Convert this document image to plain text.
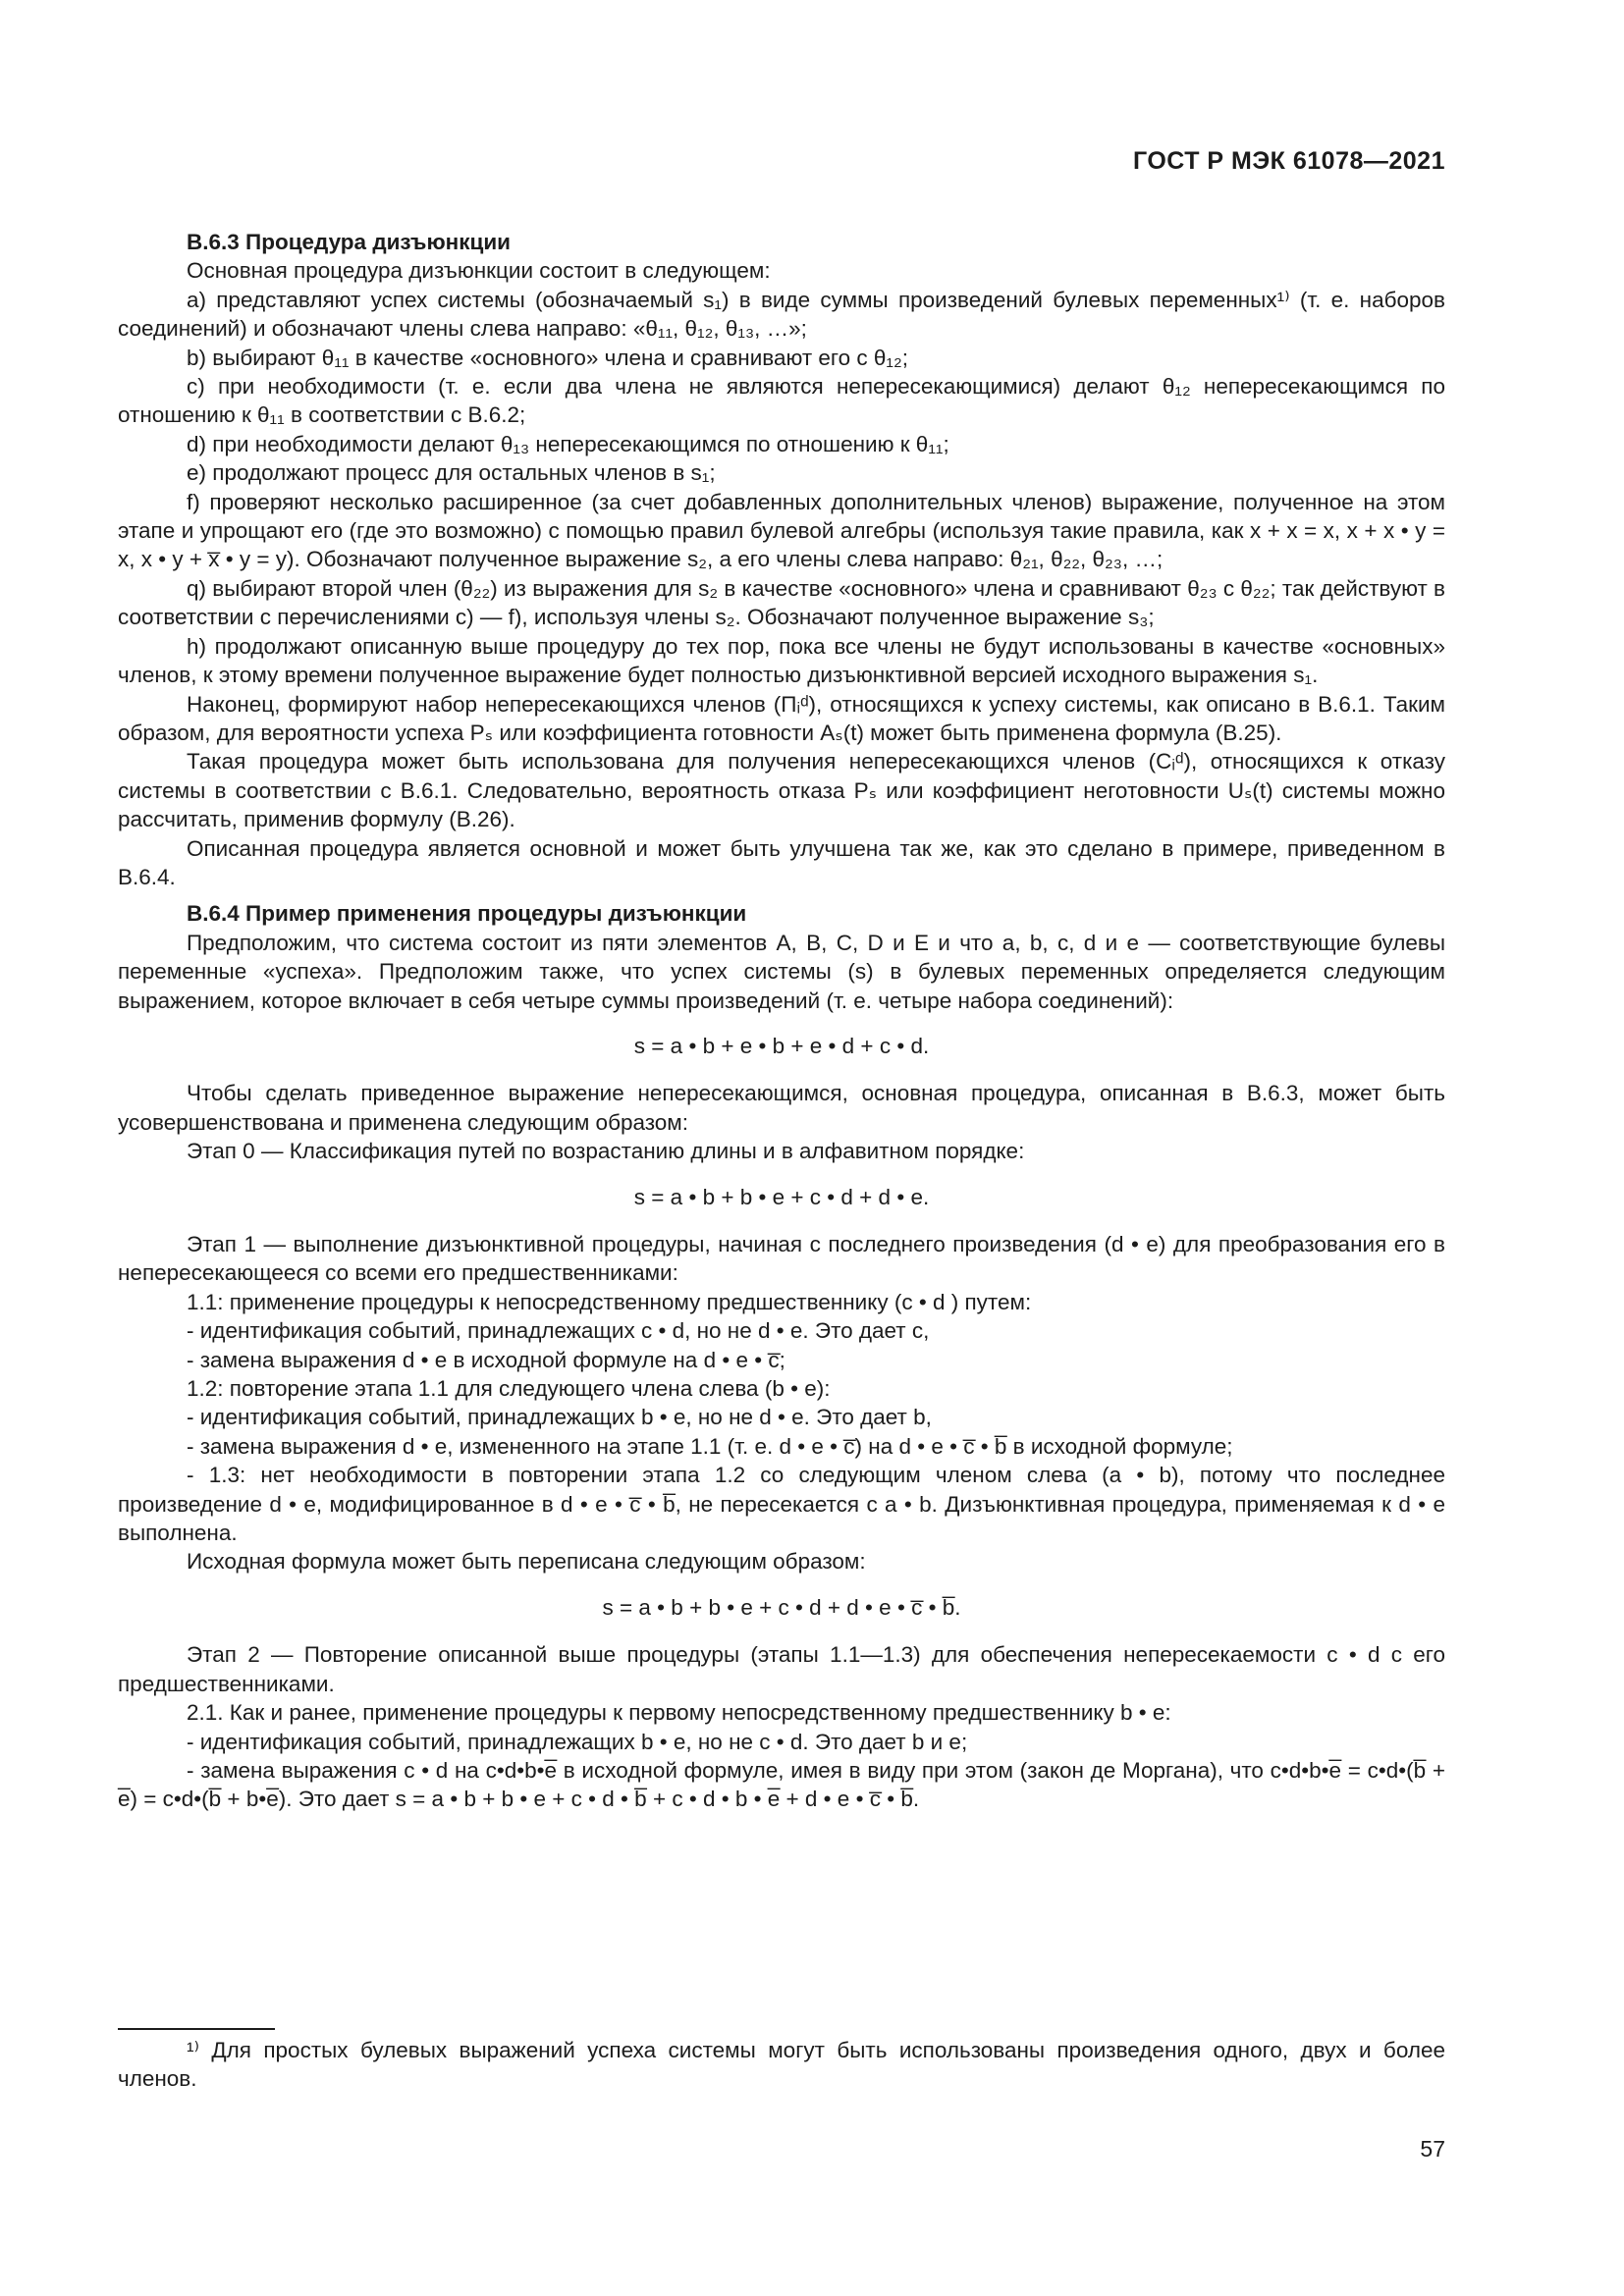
ГОСТ Р МЭК 61078—2021

В.6.3 Процедура дизъюнкции

Основная процедура дизъюнкции состоит в следующем:

а) представляют успех системы (обозначаемый s₁) в виде суммы произведений булевых переменных¹⁾ (т. е. наборов соединений) и обозначают члены слева направо: «θ₁₁, θ₁₂, θ₁₃, …»;

b) выбирают θ₁₁ в качестве «основного» члена и сравнивают его с θ₁₂;

c) при необходимости (т. е. если два члена не являются непересекающимися) делают θ₁₂ непересекающимся по отношению к θ₁₁ в соответствии с В.6.2;

d) при необходимости делают θ₁₃ непересекающимся по отношению к θ₁₁;

e) продолжают процесс для остальных членов в s₁;

f) проверяют несколько расширенное (за счет добавленных дополнительных членов) выражение, полученное на этом этапе и упрощают его (где это возможно) с помощью правил булевой алгебры (используя такие правила, как x + x = x, x + x • y = x, x • y + x̅ • y = y). Обозначают полученное выражение s₂, а его члены слева направо: θ₂₁, θ₂₂, θ₂₃, …;

q) выбирают второй член (θ₂₂) из выражения для s₂ в качестве «основного» члена и сравнивают θ₂₃ с θ₂₂; так действуют в соответствии с перечислениями с) — f), используя члены s₂. Обозначают полученное выражение s₃;

h) продолжают описанную выше процедуру до тех пор, пока все члены не будут использованы в качестве «основных» членов, к этому времени полученное выражение будет полностью дизъюнктивной версией исходного выражения s₁.

Наконец, формируют набор непересекающихся членов (Πᵢᵈ), относящихся к успеху системы, как описано в В.6.1. Таким образом, для вероятности успеха Pₛ или коэффициента готовности Aₛ(t) может быть применена формула (В.25).

Такая процедура может быть использована для получения непересекающихся членов (Cᵢᵈ), относящихся к отказу системы в соответствии с В.6.1. Следовательно, вероятность отказа Pₛ или коэффициент неготовности Uₛ(t) системы можно рассчитать, применив формулу (В.26).

Описанная процедура является основной и может быть улучшена так же, как это сделано в примере, приведенном в В.6.4.

В.6.4 Пример применения процедуры дизъюнкции

Предположим, что система состоит из пяти элементов А, В, С, D и Е и что a, b, c, d и e — соответствующие булевы переменные «успеха». Предположим также, что успех системы (s) в булевых переменных определяется следующим выражением, которое включает в себя четыре суммы произведений (т. е. четыре набора соединений):

s = a • b + e • b + e • d + c • d.

Чтобы сделать приведенное выражение непересекающимся, основная процедура, описанная в В.6.3, может быть усовершенствована и применена следующим образом:

Этап 0 — Классификация путей по возрастанию длины и в алфавитном порядке:

s = a • b + b • e + c • d + d • e.

Этап 1 — выполнение дизъюнктивной процедуры, начиная с последнего произведения (d • e) для преобразования его в непересекающееся со всеми его предшественниками:

1.1: применение процедуры к непосредственному предшественнику (c • d ) путем:

- идентификация событий, принадлежащих c • d, но не d • e. Это дает c,

- замена выражения d • e в исходной формуле на d • e • c̅;

1.2: повторение этапа 1.1 для следующего члена слева (b • e):

- идентификация событий, принадлежащих b • e, но не d • e. Это дает b,

- замена выражения d • e, измененного на этапе 1.1 (т. е. d • e • c̅) на d • e • c̅ • b̅ в исходной формуле;

- 1.3: нет необходимости в повторении этапа 1.2 со следующим членом слева (a • b), потому что последнее произведение d • e, модифицированное в d • e • c̅ • b̅, не пересекается с a • b. Дизъюнктивная процедура, применяемая к d • e выполнена.

Исходная формула может быть переписана следующим образом:

s = a • b + b • e + c • d + d • e • c̅ • b̅.

Этап 2 — Повторение описанной выше процедуры (этапы 1.1—1.3) для обеспечения непересекаемости c • d с его предшественниками.

2.1. Как и ранее, применение процедуры к первому непосредственному предшественнику b • e:

- идентификация событий, принадлежащих b • e, но не c • d. Это дает b и e;

- замена выражения c • d на c•d•b•e̅ в исходной формуле, имея в виду при этом (закон де Моргана), что c•d•b•e̅ = c•d•(b̅ + e̅) = c•d•(b̅ + b•e̅). Это дает s = a • b + b • e + c • d • b̅ + c • d • b • e̅ + d • e • c̅ • b̅.

¹⁾ Для простых булевых выражений успеха системы могут быть использованы произведения одного, двух и более членов.

57
